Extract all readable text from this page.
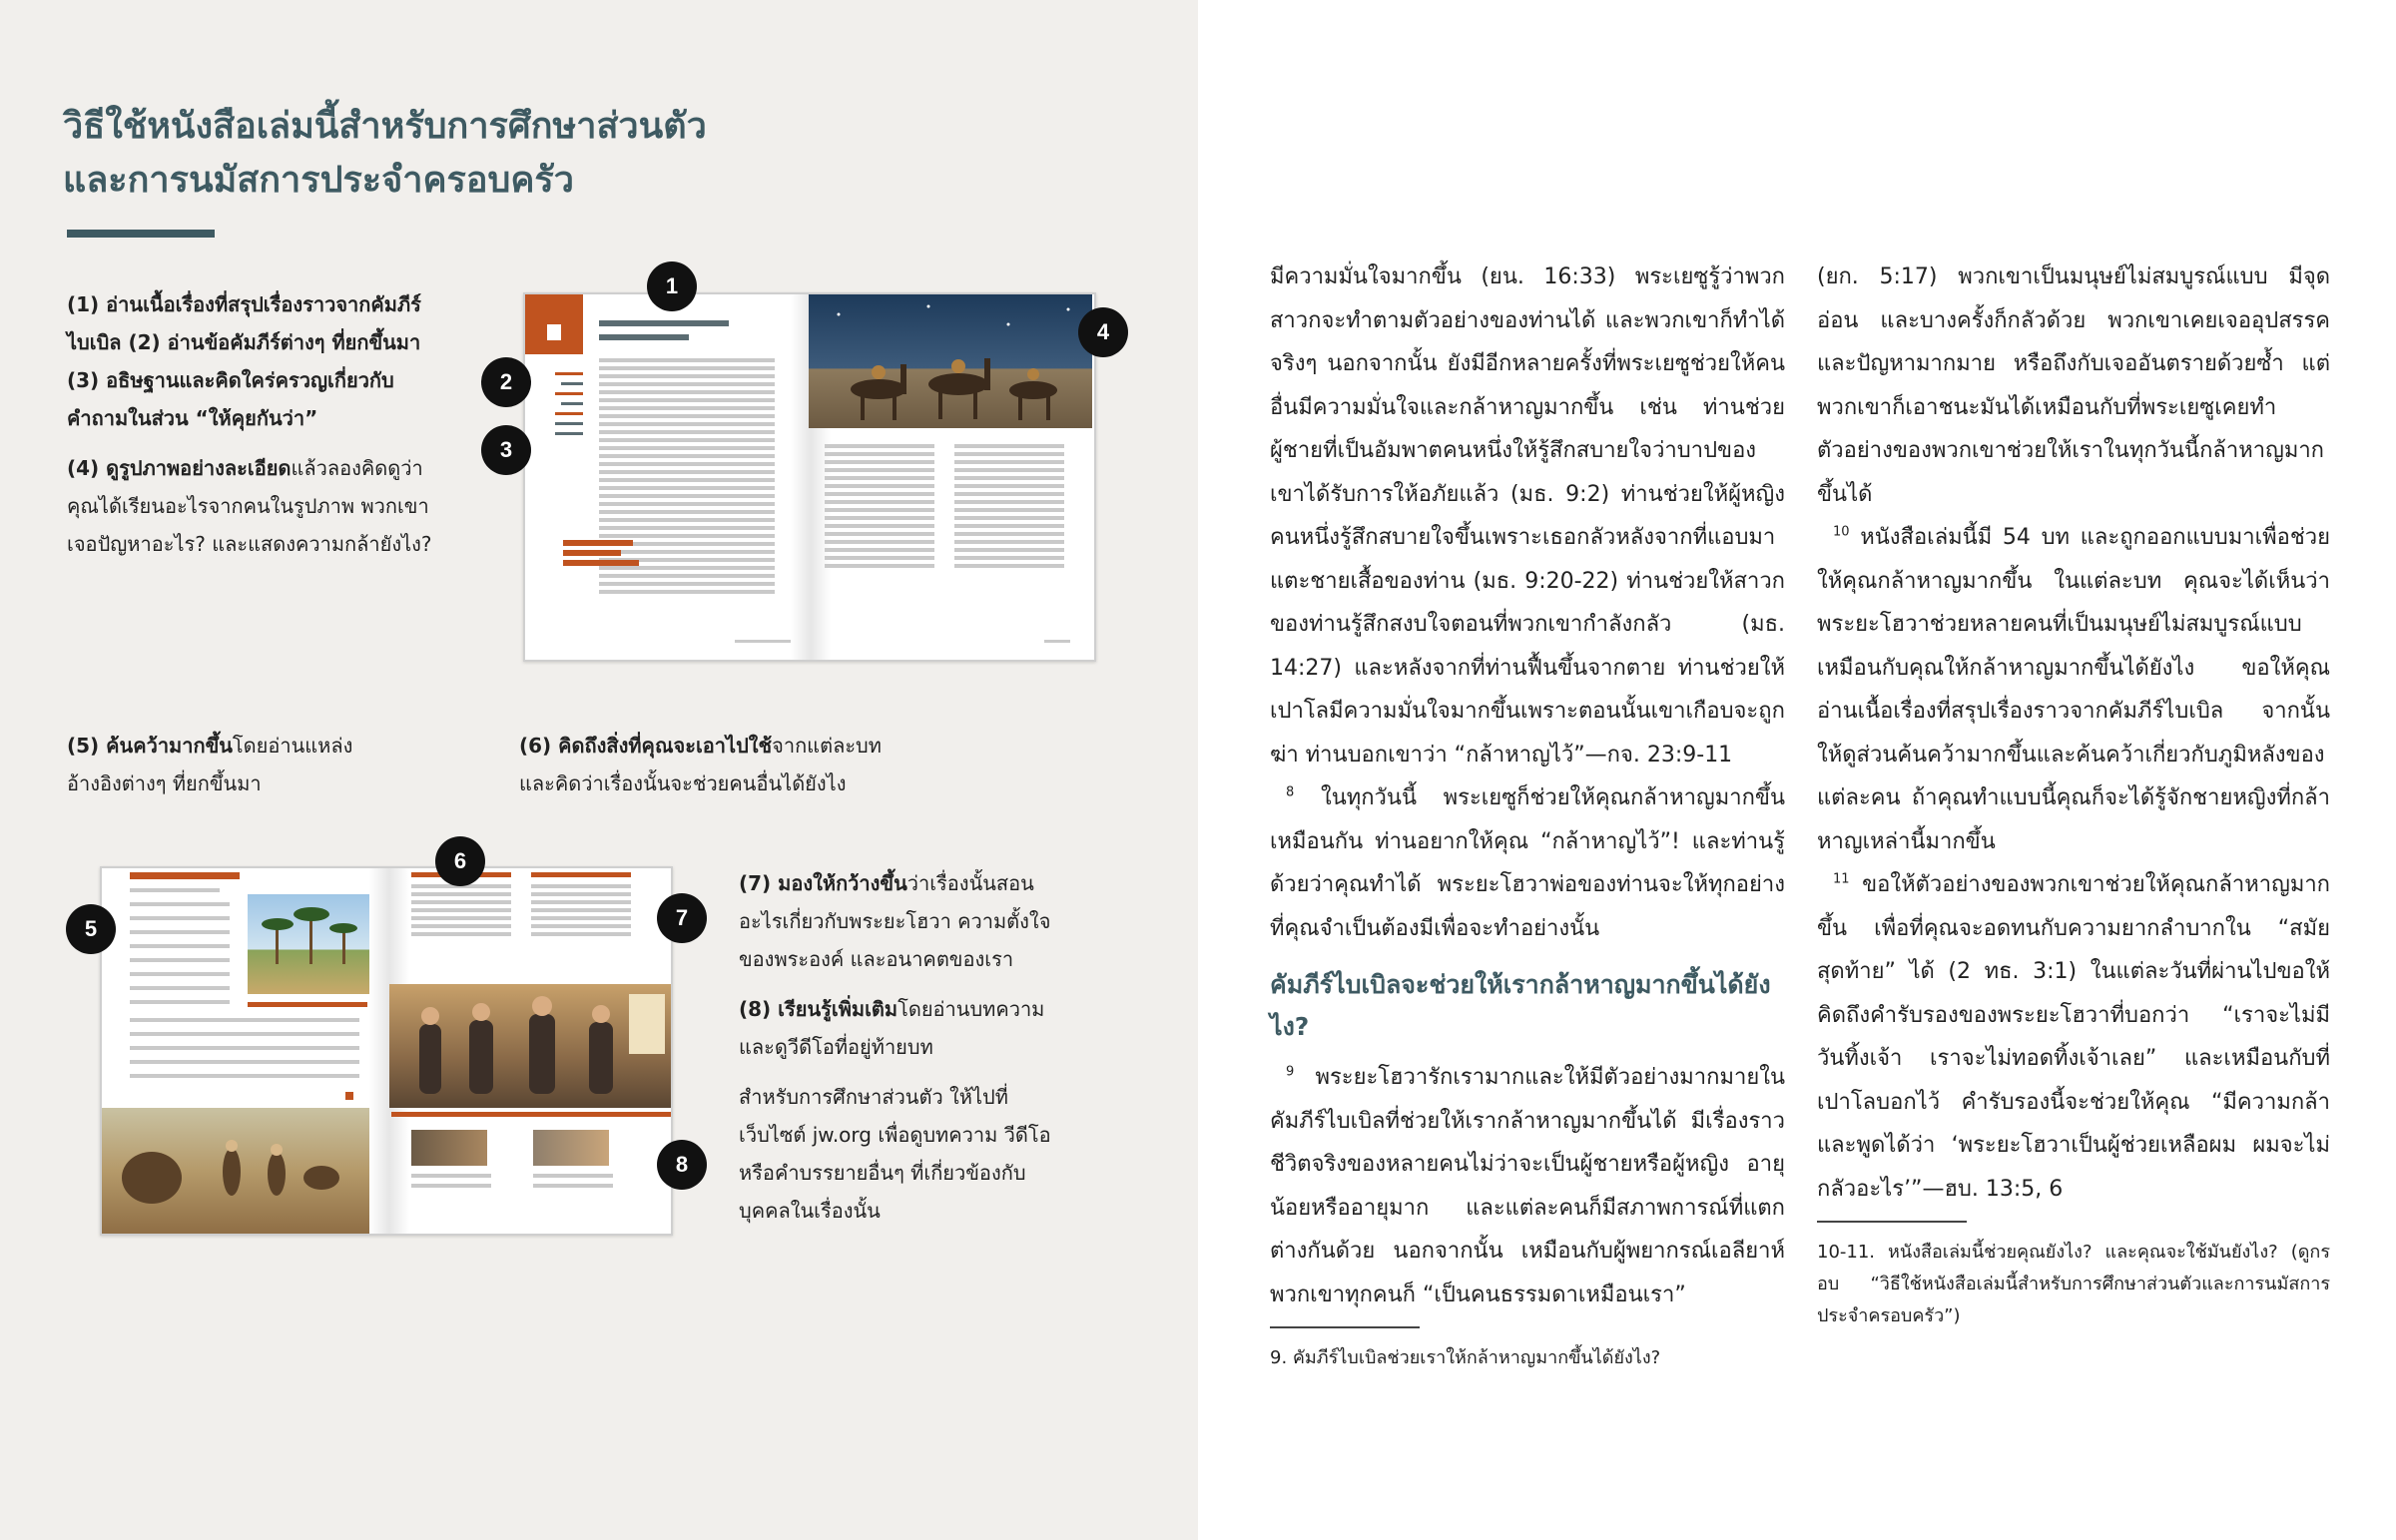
วิธีใช้หนังสือเล่มนี้สำหรับการศึกษาส่วนตัว
และการนมัสการประจำครอบครัว

(1) อ่านเนื้อเรื่องที่สรุปเรื่องราวจากคัมภีร์ไบเบิล (2) อ่านข้อคัมภีร์ต่างๆ ที่ยกขึ้นมา (3) อธิษฐานและคิดใคร่ครวญเกี่ยวกับคำถามในส่วน “ให้คุยกันว่า”

(4) ดูรูปภาพอย่างละเอียดแล้วลองคิดดูว่าคุณได้เรียนอะไรจากคนในรูปภาพ พวกเขาเจอปัญหาอะไร? และแสดงความกล้ายังไง?

1
2
3
4

(5) ค้นคว้ามากขึ้นโดยอ่านแหล่งอ้างอิงต่างๆ ที่ยกขึ้นมา

(6) คิดถึงสิ่งที่คุณจะเอาไปใช้จากแต่ละบทและคิดว่าเรื่องนั้นจะช่วยคนอื่นได้ยังไง

5
6
7
8

(7) มองให้กว้างขึ้นว่าเรื่องนั้นสอนอะไรเกี่ยวกับพระยะโฮวา ความตั้งใจของพระองค์ และอนาคตของเรา

(8) เรียนรู้เพิ่มเติมโดยอ่านบทความและดูวีดีโอที่อยู่ท้ายบท

สำหรับการศึกษาส่วนตัว ให้ไปที่เว็บไซต์ jw.org เพื่อดูบทความ วีดีโอ หรือคำบรรยายอื่นๆ ที่เกี่ยวข้องกับบุคคลในเรื่องนั้น

มีความมั่นใจมากขึ้น (ยน. 16:33) พระเยซูรู้ว่าพวกสาวกจะทำตามตัวอย่างของท่านได้ และพวกเขาก็ทำได้จริงๆ นอกจากนั้น ยังมีอีกหลายครั้งที่พระเยซูช่วยให้คนอื่นมีความมั่นใจและกล้าหาญมากขึ้น เช่น ท่านช่วยผู้ชายที่เป็นอัมพาตคนหนึ่งให้รู้สึกสบายใจว่าบาปของเขาได้รับการให้อภัยแล้ว (มธ. 9:2) ท่านช่วยให้ผู้หญิงคนหนึ่งรู้สึกสบายใจขึ้นเพราะเธอกลัวหลังจากที่แอบมาแตะชายเสื้อของท่าน (มธ. 9:20-22) ท่านช่วยให้สาวกของท่านรู้สึกสงบใจตอนที่พวกเขากำลังกลัว (มธ. 14:27) และหลังจากที่ท่านฟื้นขึ้นจากตาย ท่านช่วยให้เปาโลมีความมั่นใจมากขึ้นเพราะตอนนั้นเขาเกือบจะถูกฆ่า ท่านบอกเขาว่า “กล้าหาญไว้”—กจ. 23:9-11

$^8$ ในทุกวันนี้ พระเยซูก็ช่วยให้คุณกล้าหาญมากขึ้นเหมือนกัน ท่านอยากให้คุณ “กล้าหาญไว้”! และท่านรู้ด้วยว่าคุณทำได้ พระยะโฮวาพ่อของท่านจะให้ทุกอย่างที่คุณจำเป็นต้องมีเพื่อจะทำอย่างนั้น

คัมภีร์ไบเบิลจะช่วยให้เรากล้าหาญมากขึ้นได้ยังไง?

$^9$ พระยะโฮวารักเรามากและให้มีตัวอย่างมากมายในคัมภีร์ไบเบิลที่ช่วยให้เรากล้าหาญมากขึ้นได้ มีเรื่องราวชีวิตจริงของหลายคนไม่ว่าจะเป็นผู้ชายหรือผู้หญิง อายุน้อยหรืออายุมาก และแต่ละคนก็มีสภาพการณ์ที่แตกต่างกันด้วย นอกจากนั้น เหมือนกับผู้พยากรณ์เอลียาห์ พวกเขาทุกคนก็ “เป็นคนธรรมดาเหมือนเรา”

9. คัมภีร์ไบเบิลช่วยเราให้กล้าหาญมากขึ้นได้ยังไง?

(ยก. 5:17) พวกเขาเป็นมนุษย์ไม่สมบูรณ์แบบ มีจุดอ่อน และบางครั้งก็กลัวด้วย พวกเขาเคยเจออุปสรรคและปัญหามากมาย หรือถึงกับเจออันตรายด้วยซ้ำ แต่พวกเขาก็เอาชนะมันได้เหมือนกับที่พระเยซูเคยทำ ตัวอย่างของพวกเขาช่วยให้เราในทุกวันนี้กล้าหาญมากขึ้นได้

$^{10}$ หนังสือเล่มนี้มี 54 บท และถูกออกแบบมาเพื่อช่วยให้คุณกล้าหาญมากขึ้น ในแต่ละบท คุณจะได้เห็นว่าพระยะโฮวาช่วยหลายคนที่เป็นมนุษย์ไม่สมบูรณ์แบบเหมือนกับคุณให้กล้าหาญมากขึ้นได้ยังไง ขอให้คุณอ่านเนื้อเรื่องที่สรุปเรื่องราวจากคัมภีร์ไบเบิล จากนั้น ให้ดูส่วนค้นคว้ามากขึ้นและค้นคว้าเกี่ยวกับภูมิหลังของแต่ละคน ถ้าคุณทำแบบนี้คุณก็จะได้รู้จักชายหญิงที่กล้าหาญเหล่านี้มากขึ้น

$^{11}$ ขอให้ตัวอย่างของพวกเขาช่วยให้คุณกล้าหาญมากขึ้น เพื่อที่คุณจะอดทนกับความยากลำบากใน “สมัยสุดท้าย” ได้ (2 ทธ. 3:1) ในแต่ละวันที่ผ่านไปขอให้คิดถึงคำรับรองของพระยะโฮวาที่บอกว่า “เราจะไม่มีวันทิ้งเจ้า เราจะไม่ทอดทิ้งเจ้าเลย” และเหมือนกับที่เปาโลบอกไว้ คำรับรองนี้จะช่วยให้คุณ “มีความกล้าและพูดได้ว่า ‘พระยะโฮวาเป็นผู้ช่วยเหลือผม ผมจะไม่กลัวอะไร’”—ฮบ. 13:5, 6

10-11. หนังสือเล่มนี้ช่วยคุณยังไง? และคุณจะใช้มันยังไง? (ดูกรอบ “วิธีใช้หนังสือเล่มนี้สำหรับการศึกษาส่วนตัวและการนมัสการประจำครอบครัว”)
